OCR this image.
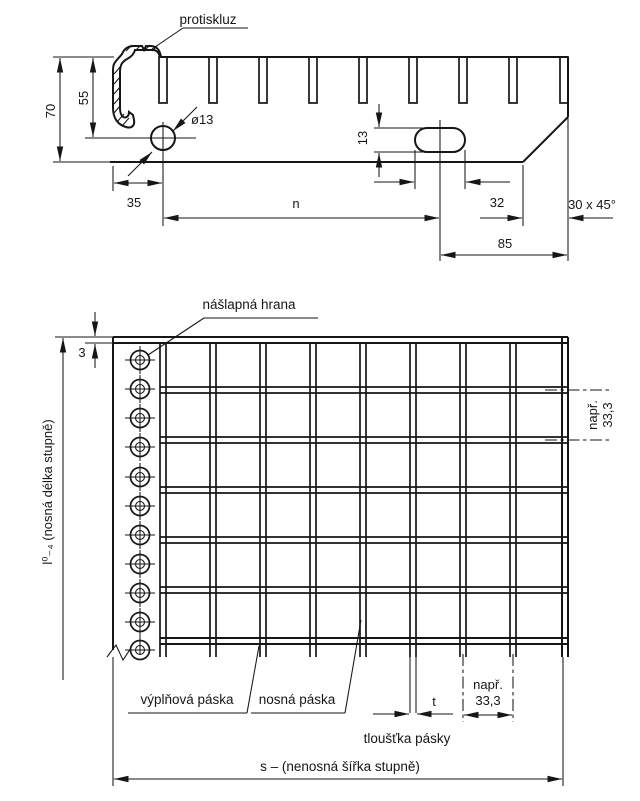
70
55
ø13
35	n
13
32	30 x 45°
85
protiskluz
např. 33,3
3
l⁰₋₄ (nosná délka stupně)
nášlapná hrana
výplňová páska nosná páska	t
např.
33,3
tloušťka pásky
s – (nenosná šířka stupně)
